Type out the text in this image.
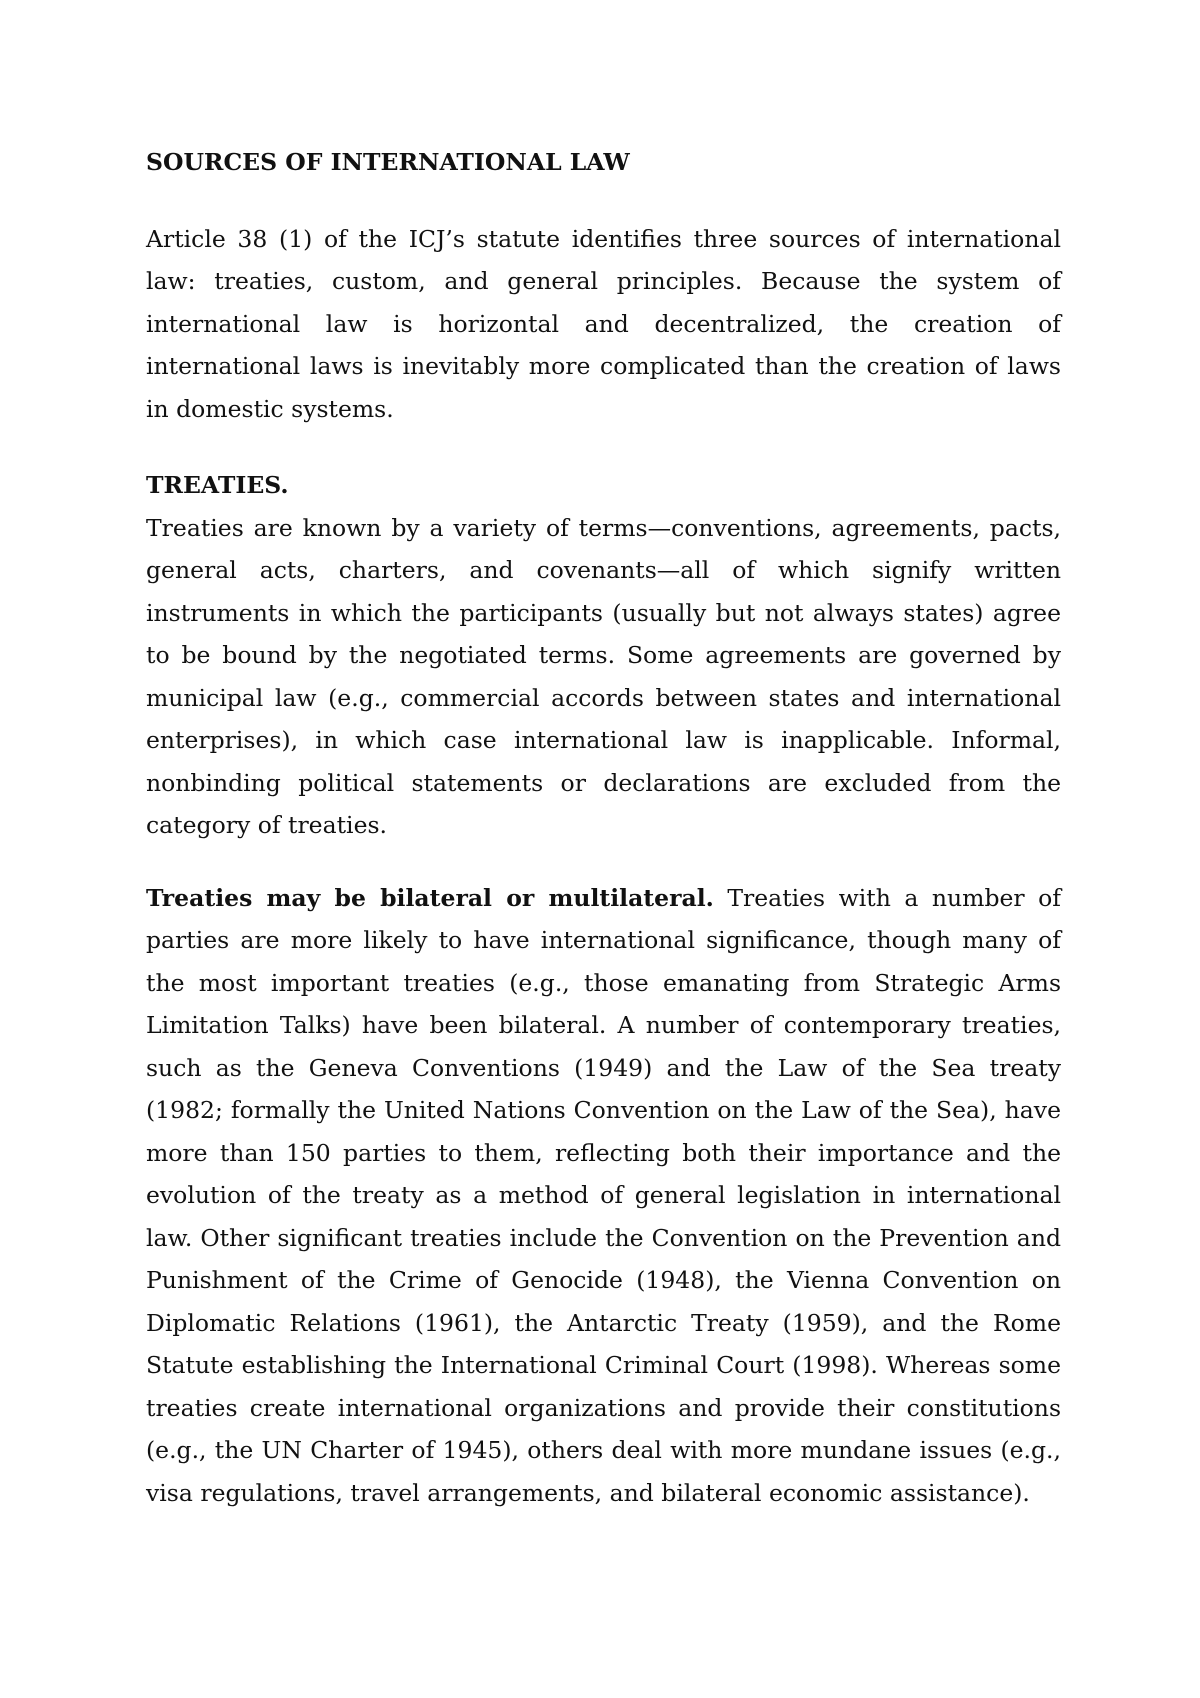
SOURCES OF INTERNATIONAL LAW

Article 38 (1) of the ICJ’s statute identifies three sources of international law: treaties, custom, and general principles. Because the system of international law is horizontal and decentralized, the creation of international laws is inevitably more complicated than the creation of laws in domestic systems.

TREATIES.

Treaties are known by a variety of terms—conventions, agreements, pacts, general acts, charters, and covenants—all of which signify written instruments in which the participants (usually but not always states) agree to be bound by the negotiated terms. Some agreements are governed by municipal law (e.g., commercial accords between states and international enterprises), in which case international law is inapplicable. Informal, nonbinding political statements or declarations are excluded from the category of treaties.

Treaties may be bilateral or multilateral. Treaties with a number of parties are more likely to have international significance, though many of the most important treaties (e.g., those emanating from Strategic Arms Limitation Talks) have been bilateral. A number of contemporary treaties, such as the Geneva Conventions (1949) and the Law of the Sea treaty (1982; formally the United Nations Convention on the Law of the Sea), have more than 150 parties to them, reflecting both their importance and the evolution of the treaty as a method of general legislation in international law. Other significant treaties include the Convention on the Prevention and Punishment of the Crime of Genocide (1948), the Vienna Convention on Diplomatic Relations (1961), the Antarctic Treaty (1959), and the Rome Statute establishing the International Criminal Court (1998). Whereas some treaties create international organizations and provide their constitutions (e.g., the UN Charter of 1945), others deal with more mundane issues (e.g., visa regulations, travel arrangements, and bilateral economic assistance).
